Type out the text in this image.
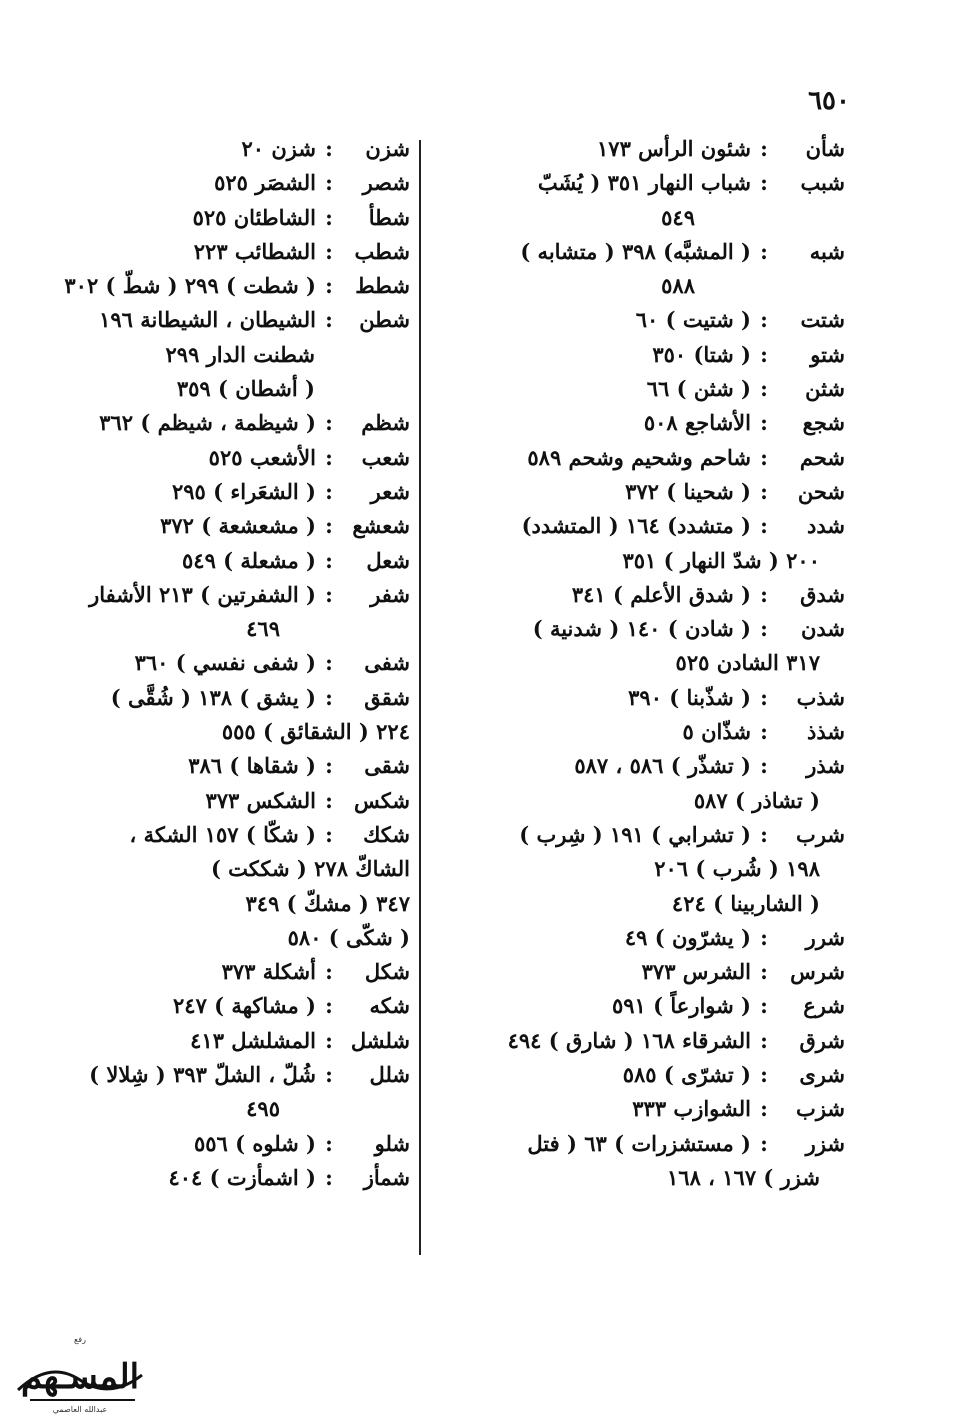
٦٥٠
شأن:شئون الرأس ١٧٣
شبب:شباب النهار ٣٥١ ( يُشَبّ
٥٤٩
شبه:( المشبَّه) ٣٩٨ ( متشابه )
٥٨٨
شتت:( شتيت ) ٦٠
شتو:( شتا) ٣٥٠
شثن:( شثن ) ٦٦
شجع:الأشاجع ٥٠٨
شحم:شاحم وشحيم وشحم ٥٨٩
شحن:( شحينا ) ٣٧٢
شدد:( متشدد) ١٦٤ ( المتشدد)
٢٠٠ ( شدّ النهار ) ٣٥١
شدق:( شدق الأعلم ) ٣٤١
شدن:( شادن ) ١٤٠ ( شدنية )
٣١٧ الشادن ٥٢٥
شذب:( شذّبنا ) ٣٩٠
شذذ:شذّان ٥
شذر:( تشذّر ) ٥٨٦ ، ٥٨٧
( تشاذر ) ٥٨٧
شرب:( تشرابي ) ١٩١ ( شِرب )
١٩٨ ( شُرب ) ٢٠٦
( الشاربينا ) ٤٢٤
شرر:( يشرّون ) ٤٩
شرس:الشرس ٣٧٣
شرع:( شوارعاً ) ٥٩١
شرق:الشرقاء ١٦٨ ( شارق ) ٤٩٤
شرى:( تشرّى ) ٥٨٥
شزب:الشوازب ٣٣٣
شزر:( مستشزرات ) ٦٣ ( فتل
شزر ) ١٦٧ ، ١٦٨
شزن:شزن ٢٠
شصر:الشصَر ٥٢٥
شطأ:الشاطئان ٥٢٥
شطب:الشطائب ٢٢٣
شطط:( شطت ) ٢٩٩ ( شطّ ) ٣٠٢
شطن:الشيطان ، الشيطانة ١٩٦
شطنت الدار ٢٩٩
( أشطان ) ٣٥٩
شظم:( شيظمة ، شيظم ) ٣٦٢
شعب:الأشعب ٥٢٥
شعر:( الشعَراء ) ٢٩٥
شعشع:( مشعشعة ) ٣٧٢
شعل:( مشعلة ) ٥٤٩
شفر:( الشفرتين ) ٢١٣ الأشفار
٤٦٩
شفى:( شفى نفسي ) ٣٦٠
شقق:( يشق ) ١٣٨ ( شُقَّى )
٢٢٤ ( الشقائق ) ٥٥٥
شقى:( شقاها ) ٣٨٦
شكس:الشكس ٣٧٣
شكك:( شكّا ) ١٥٧ الشكة ،
الشاكّ ٢٧٨ ( شككت )
٣٤٧ ( مشكّ ) ٣٤٩
( شكّى ) ٥٨٠
شكل:أشكلة ٣٧٣
شكه:( مشاكهة ) ٢٤٧
شلشل:المشلشل ٤١٣
شلل:شُلّ ، الشلّ ٣٩٣ ( شِلالا )
٤٩٥
شلو:( شلوه ) ٥٥٦
شمأز:( اشمأزت ) ٤٠٤
رفع
المسـهم
عبدالله العاصمي
